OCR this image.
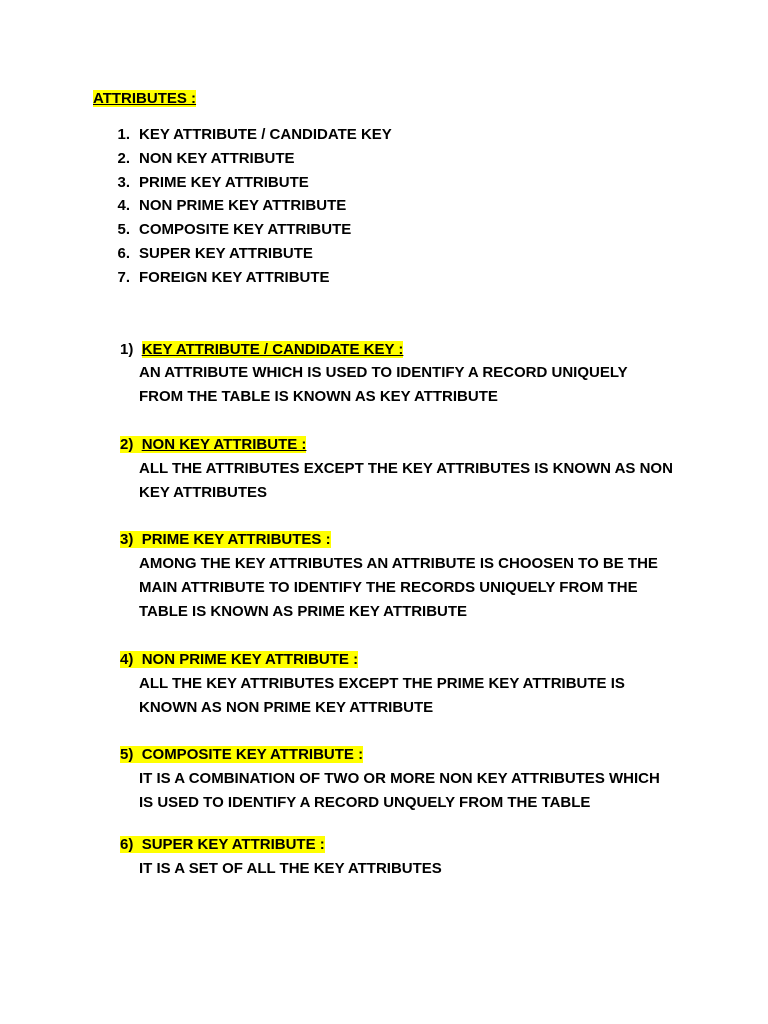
ATTRIBUTES :
1. KEY ATTRIBUTE / CANDIDATE KEY
2. NON KEY ATTRIBUTE
3. PRIME KEY ATTRIBUTE
4. NON PRIME KEY ATTRIBUTE
5. COMPOSITE KEY ATTRIBUTE
6. SUPER KEY ATTRIBUTE
7. FOREIGN KEY ATTRIBUTE
1) KEY ATTRIBUTE / CANDIDATE KEY :
AN ATTRIBUTE WHICH IS USED TO IDENTIFY A RECORD UNIQUELY
FROM THE TABLE IS KNOWN AS KEY ATTRIBUTE
2) NON KEY ATTRIBUTE :
ALL THE ATTRIBUTES EXCEPT THE KEY ATTRIBUTES IS KNOWN AS NON
KEY ATTRIBUTES
3) PRIME KEY ATTRIBUTES :
AMONG THE KEY ATTRIBUTES AN ATTRIBUTE IS CHOOSEN TO BE THE
MAIN ATTRIBUTE TO IDENTIFY THE RECORDS UNIQUELY FROM THE
TABLE IS KNOWN AS PRIME KEY ATTRIBUTE
4) NON PRIME KEY ATTRIBUTE :
ALL THE KEY ATTRIBUTES EXCEPT THE PRIME KEY ATTRIBUTE IS
KNOWN AS NON PRIME KEY ATTRIBUTE
5) COMPOSITE KEY ATTRIBUTE :
IT IS A COMBINATION OF TWO OR MORE NON KEY ATTRIBUTES WHICH
IS USED TO IDENTIFY A RECORD UNQUELY FROM THE TABLE
6) SUPER KEY ATTRIBUTE :
IT IS A SET OF ALL THE KEY ATTRIBUTES
